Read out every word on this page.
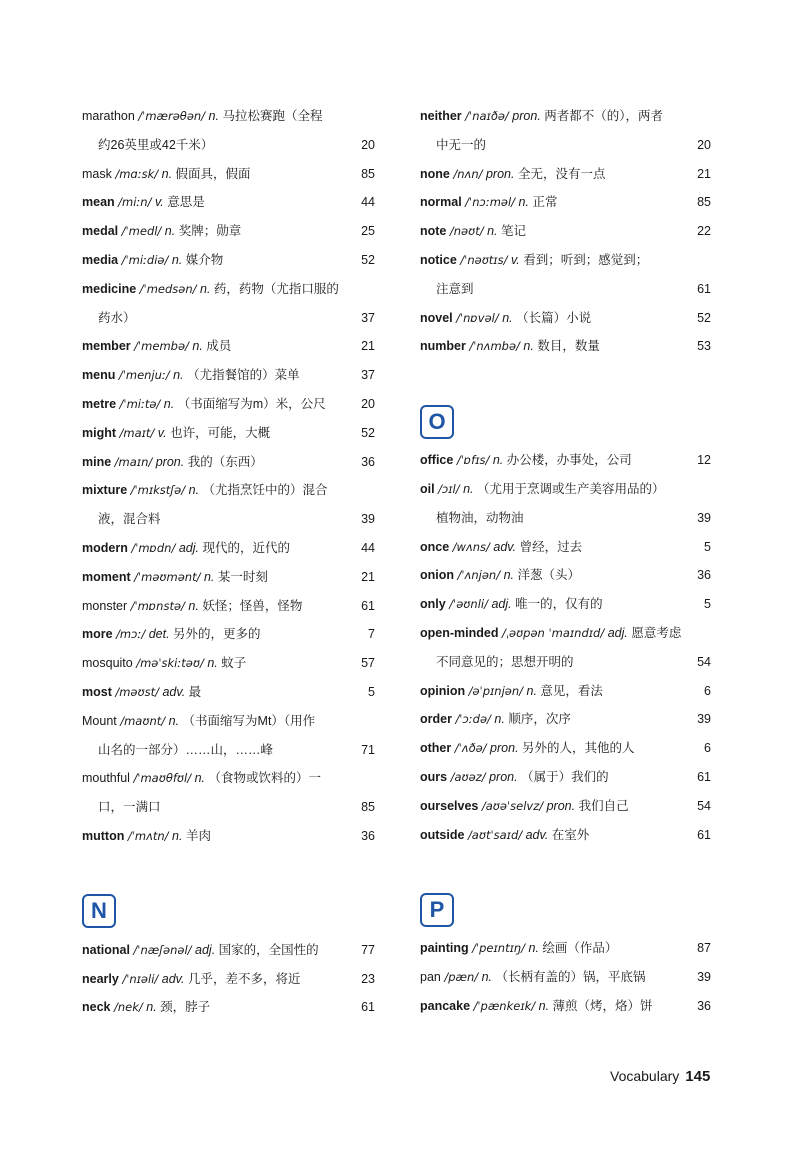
marathon /ˈmærəθən/ n. 马拉松赛跑（全程
约26英里或42千米）	20
mask /mɑːsk/ n. 假面具，假面	85
mean /miːn/ v. 意思是	44
medal /ˈmedl/ n. 奖牌；勋章	25
media /ˈmiːdiə/ n. 媒介物	52
medicine /ˈmedsən/ n. 药，药物（尤指口服的
药水）	37
member /ˈmembə/ n. 成员	21
menu /ˈmenjuː/ n. （尤指餐馆的）菜单	37
metre /ˈmiːtə/ n. （书面缩写为m）米，公尺	20
might /maɪt/ v. 也许，可能，大概	52
mine /maɪn/ pron. 我的（东西）	36
mixture /ˈmɪkstʃə/ n. （尤指烹饪中的）混合
液，混合料	39
modern /ˈmɒdn/ adj. 现代的，近代的	44
moment /ˈməʊmənt/ n. 某一时刻	21
monster /ˈmɒnstə/ n. 妖怪；怪兽，怪物	61
more /mɔː/ det. 另外的，更多的	7
mosquito /məˈskiːtəʊ/ n. 蚊子	57
most /məʊst/ adv. 最	5
Mount /maʊnt/ n. （书面缩写为Mt）（用作
山名的一部分）……山，……峰	71
mouthful /ˈmaʊθfʊl/ n. （食物或饮料的）一
口，一满口	85
mutton /ˈmʌtn/ n. 羊肉	36
N
national /ˈnæʃənəl/ adj. 国家的，全国性的	77
nearly /ˈnɪəli/ adv. 几乎，差不多，将近	23
neck /nek/ n. 颈，脖子	61
neither /ˈnaɪðə/ pron. 两者都不（的），两者
中无一的	20
none /nʌn/ pron. 全无，没有一点	21
normal /ˈnɔːməl/ n. 正常	85
note /nəʊt/ n. 笔记	22
notice /ˈnəʊtɪs/ v. 看到；听到；感觉到；
注意到	61
novel /ˈnɒvəl/ n. （长篇）小说	52
number /ˈnʌmbə/ n. 数目，数量	53
O
office /ˈɒfɪs/ n. 办公楼，办事处，公司	12
oil /ɔɪl/ n. （尤用于烹调或生产美容用品的）
植物油，动物油	39
once /wʌns/ adv. 曾经，过去	5
onion /ˈʌnjən/ n. 洋葱（头）	36
only /ˈəʊnli/ adj. 唯一的，仅有的	5
open-minded /ˌəʊpən ˈmaɪndɪd/ adj. 愿意考虑
不同意见的；思想开明的	54
opinion /əˈpɪnjən/ n. 意见，看法	6
order /ˈɔːdə/ n. 顺序，次序	39
other /ˈʌðə/ pron. 另外的人，其他的人	6
ours /aʊəz/ pron. （属于）我们的	61
ourselves /aʊəˈselvz/ pron. 我们自己	54
outside /aʊtˈsaɪd/ adv. 在室外	61
P
painting /ˈpeɪntɪŋ/ n. 绘画（作品）	87
pan /pæn/ n. （长柄有盖的）锅，平底锅	39
pancake /ˈpænkeɪk/ n. 薄煎（烤，烙）饼	36
Vocabulary 145
